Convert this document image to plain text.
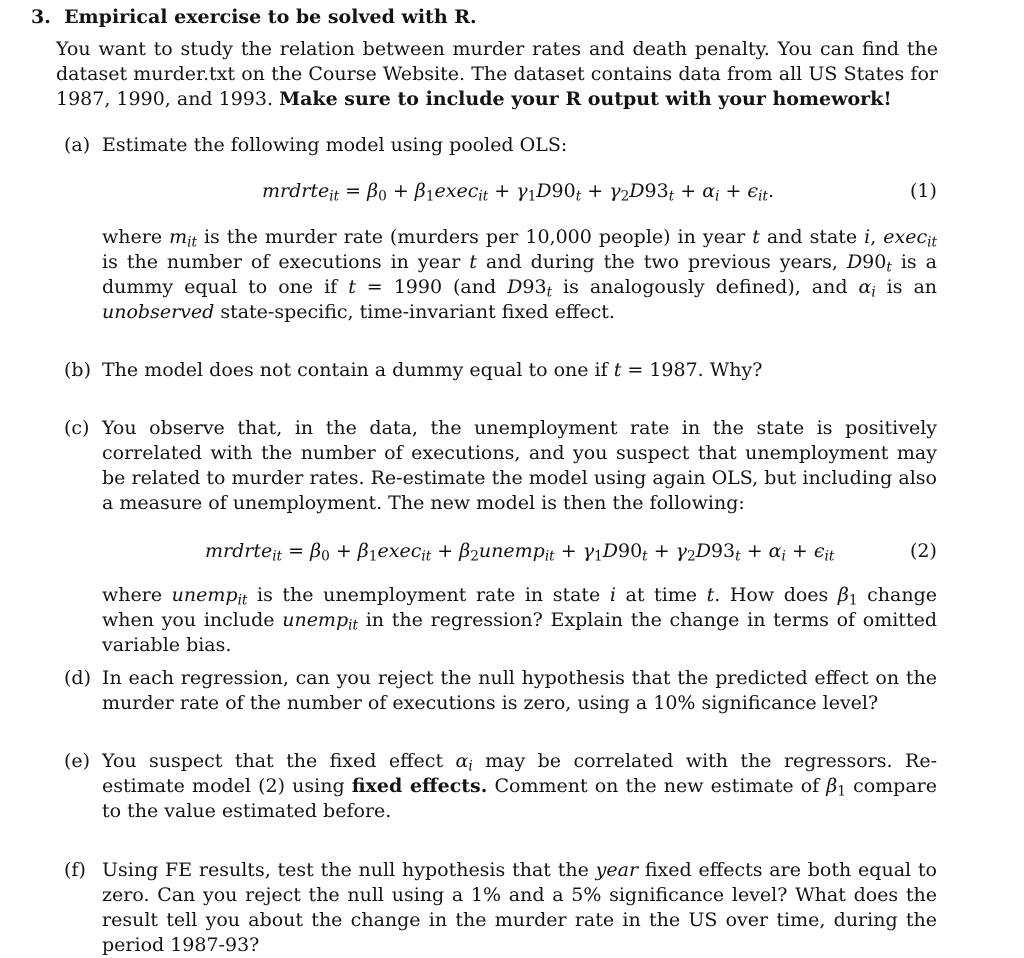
3. Empirical exercise to be solved with R.
You want to study the relation between murder rates and death penalty. You can find the dataset murder.txt on the Course Website. The dataset contains data from all US States for 1987, 1990, and 1993. Make sure to include your R output with your homework!
(a) Estimate the following model using pooled OLS:
mrdrte$_{it}$ = $\beta_0$ + $\beta_1exec_{it} + \gamma_1D90_t + \gamma_2D93_t + \alpha_i + \epsilon_{it}$.	(1)
where $m_{it}$ is the murder rate (murders per 10,000 people) in year t and state i, exec$_{it}$ is the number of executions in year t and during the two previous years, $D90_t$ is a dummy equal to one if t = 1990 (and $D93_t$ is analogously defined), and $\alpha_i$ is an unobserved state-specific, time-invariant fixed effect.
(b) The model does not contain a dummy equal to one if t = 1987. Why?
(c) You observe that, in the data, the unemployment rate in the state is positively correlated with the number of executions, and you suspect that unemployment may be related to murder rates. Re-estimate the model using again OLS, but including also a measure of unemployment. The new model is then the following:
mrdrte$_{it}$ = $\beta_0$ + $\beta_1exec_{it}$ + $\beta_2unemp_{it} + \gamma_1D90_t + \gamma_2D93_t + \alpha_i + \epsilon_{it}$	(2)
where unemp$_{it}$ is the unemployment rate in state i at time t. How does $\beta_1$ change when you include unemp$_{it}$ in the regression? Explain the change in terms of omitted variable bias.
(d) In each regression, can you reject the null hypothesis that the predicted effect on the murder rate of the number of executions is zero, using a 10% significance level?
(e) You suspect that the fixed effect $\alpha_i$ may be correlated with the regressors. Re-estimate model (2) using fixed effects. Comment on the new estimate of $\beta_1$ compare to the value estimated before.
(f) Using FE results, test the null hypothesis that the year fixed effects are both equal to zero. Can you reject the null using a 1% and a 5% significance level? What does the result tell you about the change in the murder rate in the US over time, during the period 1987-93?
